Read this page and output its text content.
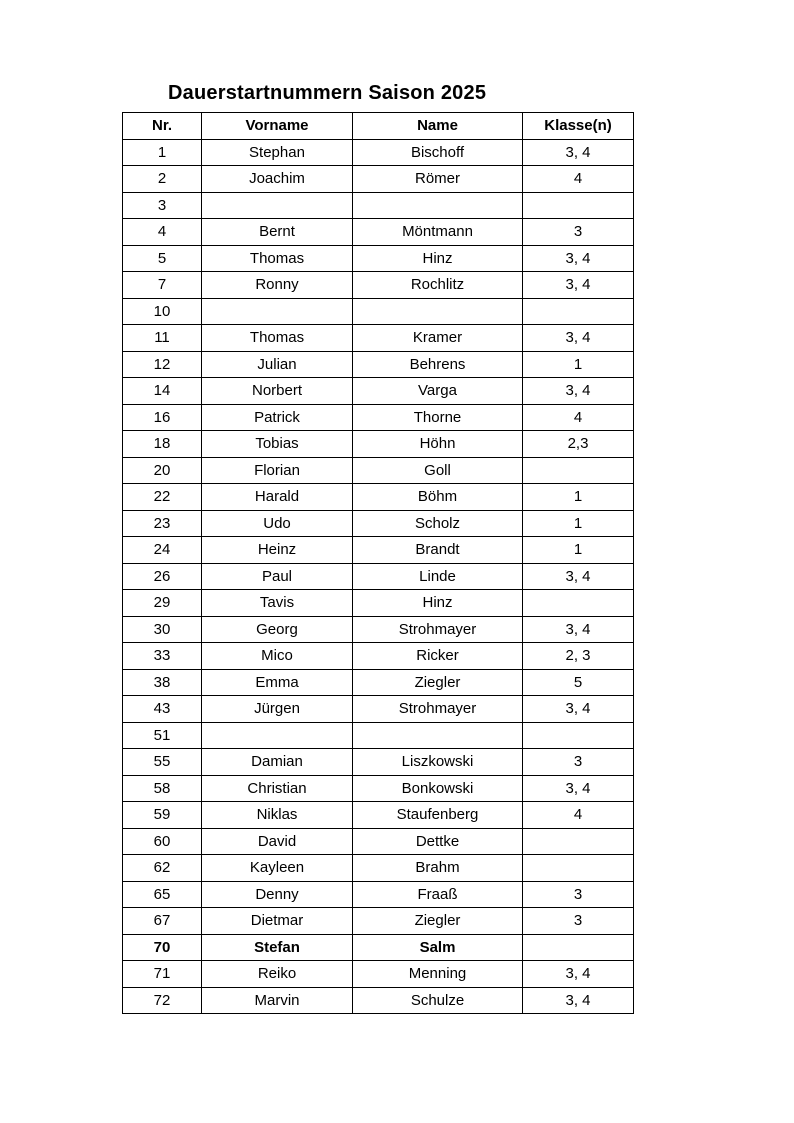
Dauerstartnummern Saison 2025
Nr.	Vorname	Name	Klasse(n)
1	Stephan	Bischoff	3, 4
2	Joachim	Römer	4
3			
4	Bernt	Möntmann	3
5	Thomas	Hinz	3, 4
7	Ronny	Rochlitz	3, 4
10			
11	Thomas	Kramer	3, 4
12	Julian	Behrens	1
14	Norbert	Varga	3, 4
16	Patrick	Thorne	4
18	Tobias	Höhn	2,3
20	Florian	Goll	
22	Harald	Böhm	1
23	Udo	Scholz	1
24	Heinz	Brandt	1
26	Paul	Linde	3, 4
29	Tavis	Hinz	
30	Georg	Strohmayer	3, 4
33	Mico	Ricker	2, 3
38	Emma	Ziegler	5
43	Jürgen	Strohmayer	3, 4
51			
55	Damian	Liszkowski	3
58	Christian	Bonkowski	3, 4
59	Niklas	Staufenberg	4
60	David	Dettke	
62	Kayleen	Brahm	
65	Denny	Fraaß	3
67	Dietmar	Ziegler	3
70	Stefan	Salm	
71	Reiko	Menning	3, 4
72	Marvin	Schulze	3, 4
